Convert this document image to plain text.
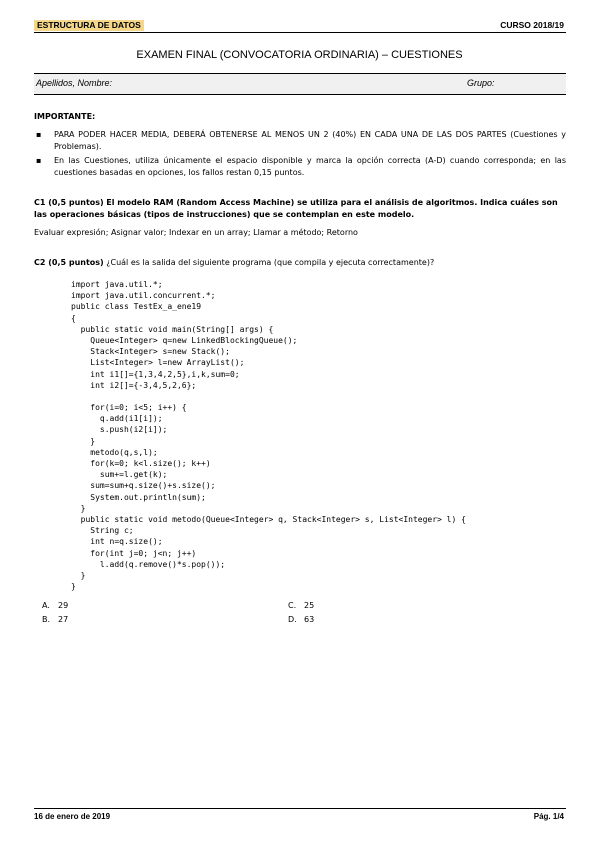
ESTRUCTURA DE DATOS	CURSO 2018/19
EXAMEN FINAL (CONVOCATORIA ORDINARIA) – CUESTIONES
Apellidos, Nombre:	Grupo:
IMPORTANTE:
▪ PARA PODER HACER MEDIA, DEBERÁ OBTENERSE AL MENOS UN 2 (40%) EN CADA UNA DE LAS DOS PARTES (Cuestiones y Problemas).
▪ En las Cuestiones, utiliza únicamente el espacio disponible y marca la opción correcta (A-D) cuando corresponda; en las cuestiones basadas en opciones, los fallos restan 0,15 puntos.
C1 (0,5 puntos) El modelo RAM (Random Access Machine) se utiliza para el análisis de algoritmos. Indica cuáles son las operaciones básicas (tipos de instrucciones) que se contemplan en este modelo.
Evaluar expresión; Asignar valor; Indexar en un array; Llamar a método; Retorno
C2 (0,5 puntos) ¿Cuál es la salida del siguiente programa (que compila y ejecuta correctamente)?
import java.util.*;
import java.util.concurrent.*;
public class TestEx_a_ene19
{
public static void main(String[] args) {
Queue<Integer> q=new LinkedBlockingQueue();
Stack<Integer> s=new Stack();
List<Integer> l=new ArrayList();
int i1[]={1,3,4,2,5},i,k,sum=0;
int i2[]={-3,4,5,2,6};
for(i=0; i<5; i++) {
q.add(i1[i]);
s.push(i2[i]);
}
metodo(q,s,l);
for(k=0; k<l.size(); k++)
sum+=l.get(k);
sum=sum+q.size()+s.size();
System.out.println(sum);
}
public static void metodo(Queue<Integer> q, Stack<Integer> s, List<Integer> l) {
String c;
int n=q.size();
for(int j=0; j<n; j++)
l.add(q.remove()*s.pop());
}
}
A. 29
B. 27
C. 25
D. 63
16 de enero de 2019	Pág. 1/4
